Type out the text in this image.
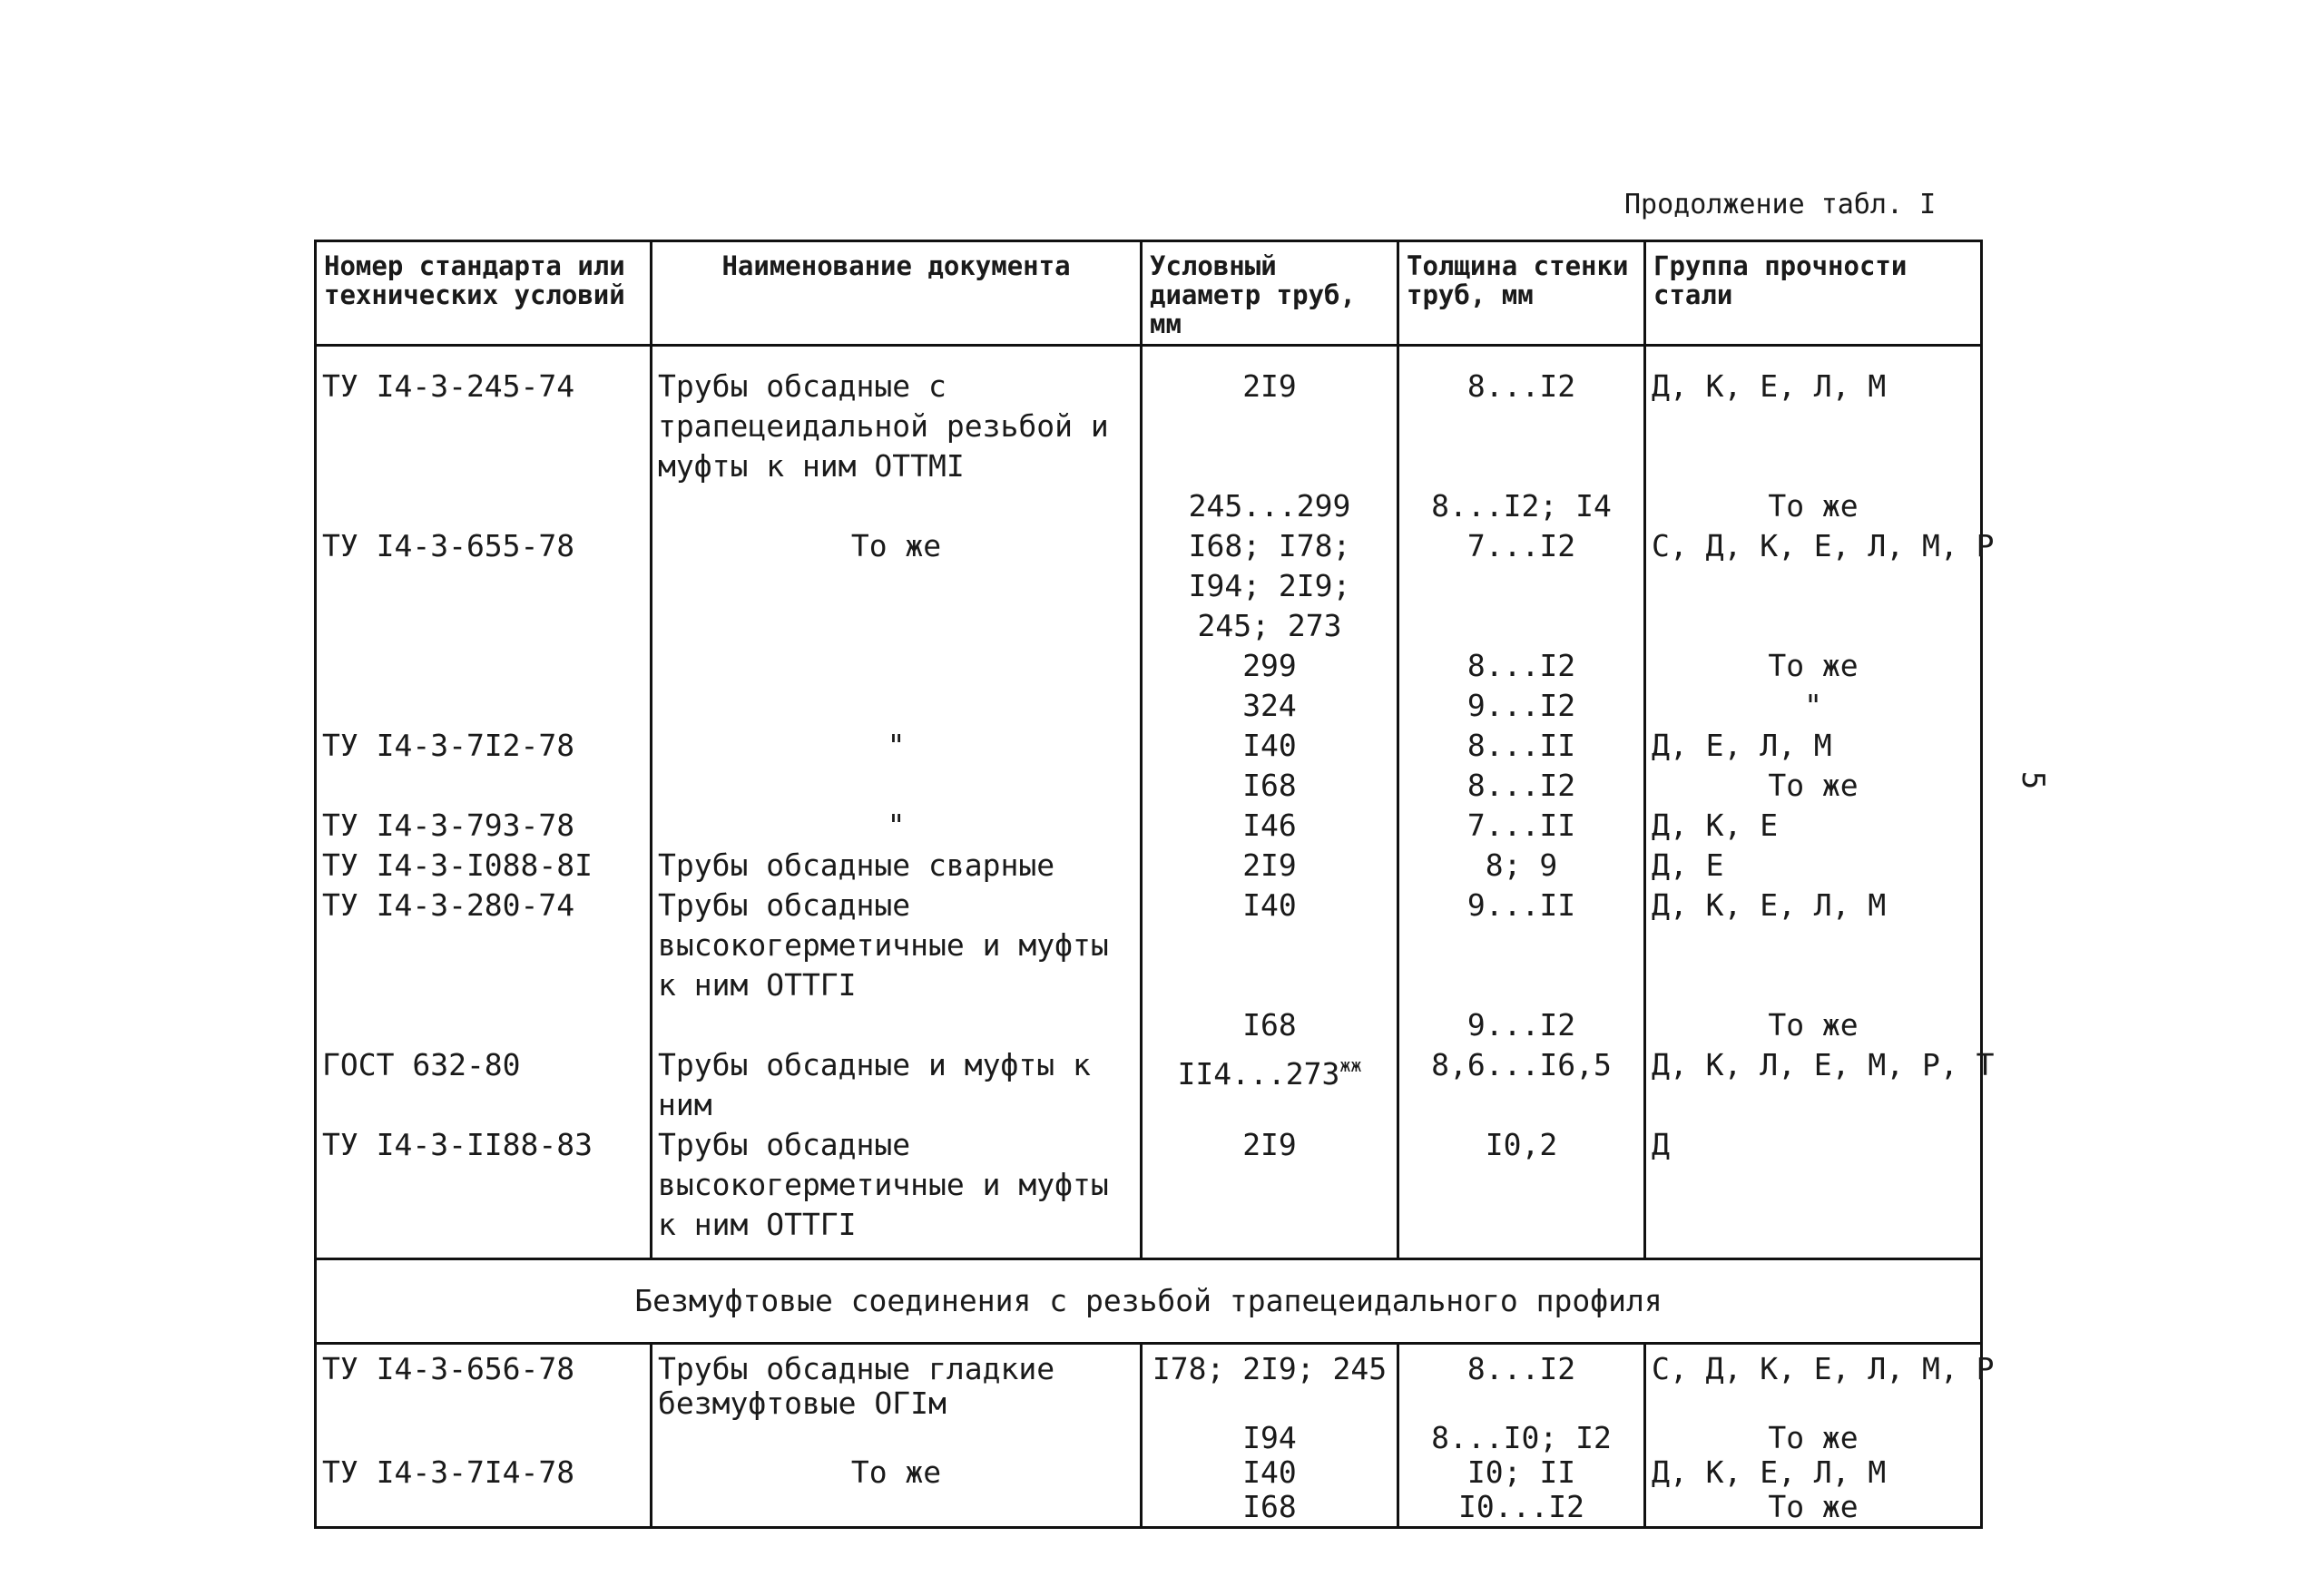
Продолжение табл. I
5
Номер стандарта или технических условий	Наименование документа	Условный диаметр труб, мм	Толщина стенки труб, мм	Группа прочности стали
ТУ I4-3-245-74	Трубы обсадные с трапецеидальной резьбой и муфты к ним ОТТМI	2I9	8...I2	Д, К, Е, Л, М
		245...299	8...I2; I4	То же
ТУ I4-3-655-78	То же	I68; I78; I94; 2I9; 245; 273	7...I2	С, Д, К, Е, Л, М, Р
		299	8...I2	То же
		324	9...I2	"
ТУ I4-3-7I2-78	"	I40	8...II	Д, Е, Л, М
		I68	8...I2	То же
ТУ I4-3-793-78	"	I46	7...II	Д, К, Е
ТУ I4-3-I088-8I	Трубы обсадные сварные	2I9	8; 9	Д, Е
ТУ I4-3-280-74	Трубы обсадные высокогерметичные и муфты к ним ОТТГI	I40	9...II	Д, К, Е, Л, М
		I68	9...I2	То же
ГОСТ 632-80	Трубы обсадные и муфты к ним	$II4...273^{жж}$	8,6...I6,5	Д, К, Л, Е, М, Р, Т
ТУ I4-3-II88-83	Трубы обсадные высокогерметичные и муфты к ним ОТТГI	2I9	I0,2	Д
Безмуфтовые соединения с резьбой трапецеидального профиля				
ТУ I4-3-656-78	Трубы обсадные гладкие безмуфтовые ОГIм	I78; 2I9; 245	8...I2	С, Д, К, Е, Л, М, Р
		I94	8...I0; I2	То же
ТУ I4-3-7I4-78	То же	I40	I0; II	Д, К, Е, Л, М
		I68	I0...I2	То же
